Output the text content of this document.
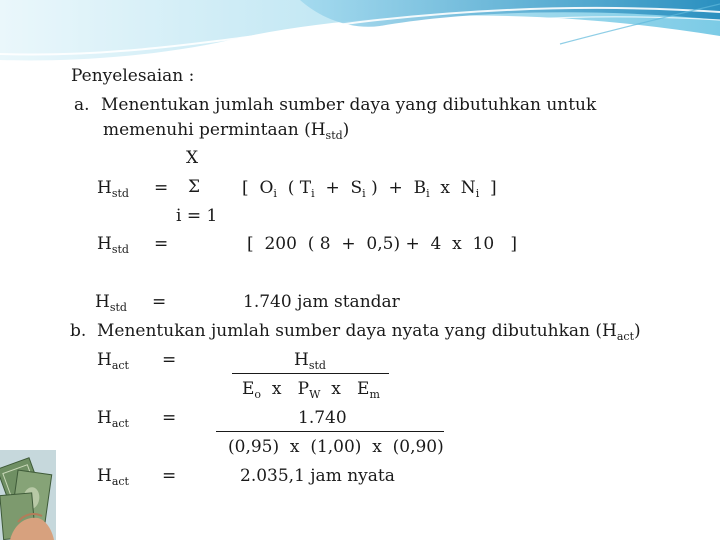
Penyelesaian :
a. Menentukan jumlah sumber daya yang dibutuhkan untuk
memenuhi permintaan $(H_{std})$
X
$H_{std} = \Sigma$ [  $O_i$  ( $T_i + S_i$ )  +  $B_i$  x  $N_i$  ]
i = 1
$H_{std}$ =	[  200  ( 8  +  0,5) +  4  x  10   ]
$H_{std}$ =	1.740 jam standar
b. Menentukan jumlah sumber daya nyata yang dibutuhkan $(H_{act})$
$H_{act}$ =	$H_{std}$
$E_o$  x   $P_W$  x   $E_m$
$H_{act}$ =	1.740
(0,95)  x  (1,00)  x  (0,90)
$H_{act}$ =	2.035,1 jam nyata
